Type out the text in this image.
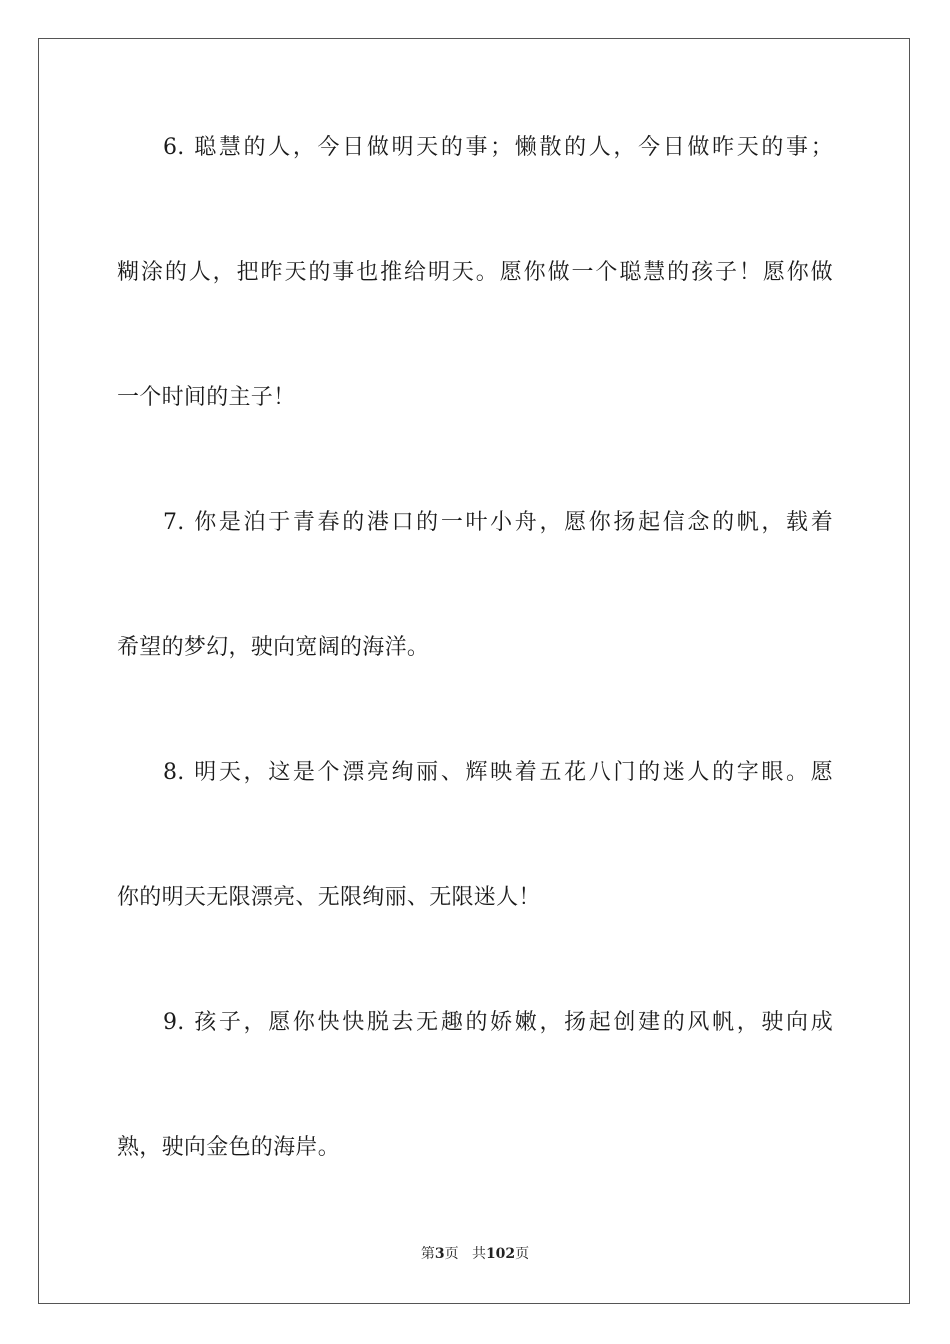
6. 聪慧的人，今日做明天的事；懒散的人，今日做昨天的事；
糊涂的人，把昨天的事也推给明天。愿你做一个聪慧的孩子！愿你做
一个时间的主子！
7. 你是泊于青春的港口的一叶小舟，愿你扬起信念的帆，载着
希望的梦幻，驶向宽阔的海洋。
8. 明天，这是个漂亮绚丽、辉映着五花八门的迷人的字眼。愿
你的明天无限漂亮、无限绚丽、无限迷人！
9. 孩子，愿你快快脱去无趣的娇嫩，扬起创建的风帆，驶向成
熟，驶向金色的海岸。
第3页 共102页
